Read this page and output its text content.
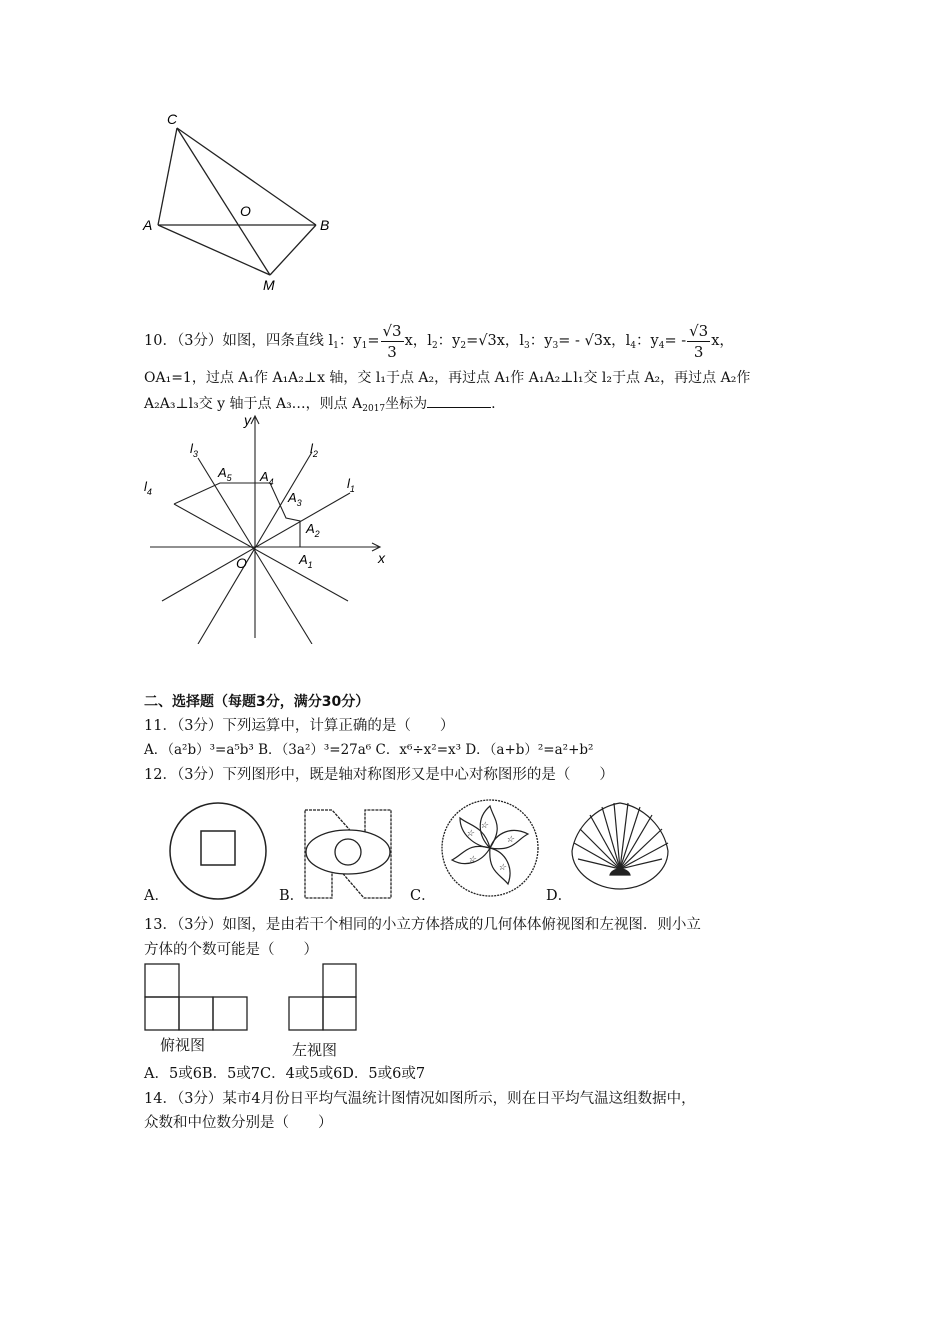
C
A
O
B
M
10．（3分）如图，四条直线 $l_1$：$y_1= \frac{√3}{3}$ x，$l_2$：$y_2=√3x$，$l_3$：$y_3= - √3x$，$l_4$：$y_4= - \frac{√3}{3}$ x，
OA₁=1，过点 A₁作 A₁A₂⊥x 轴，交 l₁于点 A₂，再过点 A₁作 A₁A₂⊥l₁交 l₂于点 A₂，再过点 A₂作
A₂A₃⊥l₃交 y 轴于点 A₃…，则点 $A_{2017}$坐标为	.
y
x
O
$l_1$
$l_2$
$l_3$
$l_4$
$A_1$
$A_2$
$A_3$
$A_4$
$A_5$
二、选择题（每题3分，满分30分）
11．（3分）下列运算中，计算正确的是（　　）
A．（a²b）³=a⁵b³ B．（3a²）³=27a⁶ C．x⁶÷x²=x³ D．（a+b）²=a²+b²
12．（3分）下列图形中，既是轴对称图形又是中心对称图形的是（　　）
A．	B．	C．
☆
☆
☆
☆
☆
D．
13．（3分）如图，是由若干个相同的小立方体搭成的几何体体俯视图和左视图．则小立
方体的个数可能是（　　）
俯视图	左视图
A．5或6B．5或7C．4或5或6D．5或6或7
14．（3分）某市4月份日平均气温统计图情况如图所示，则在日平均气温这组数据中，
众数和中位数分别是（　　）
